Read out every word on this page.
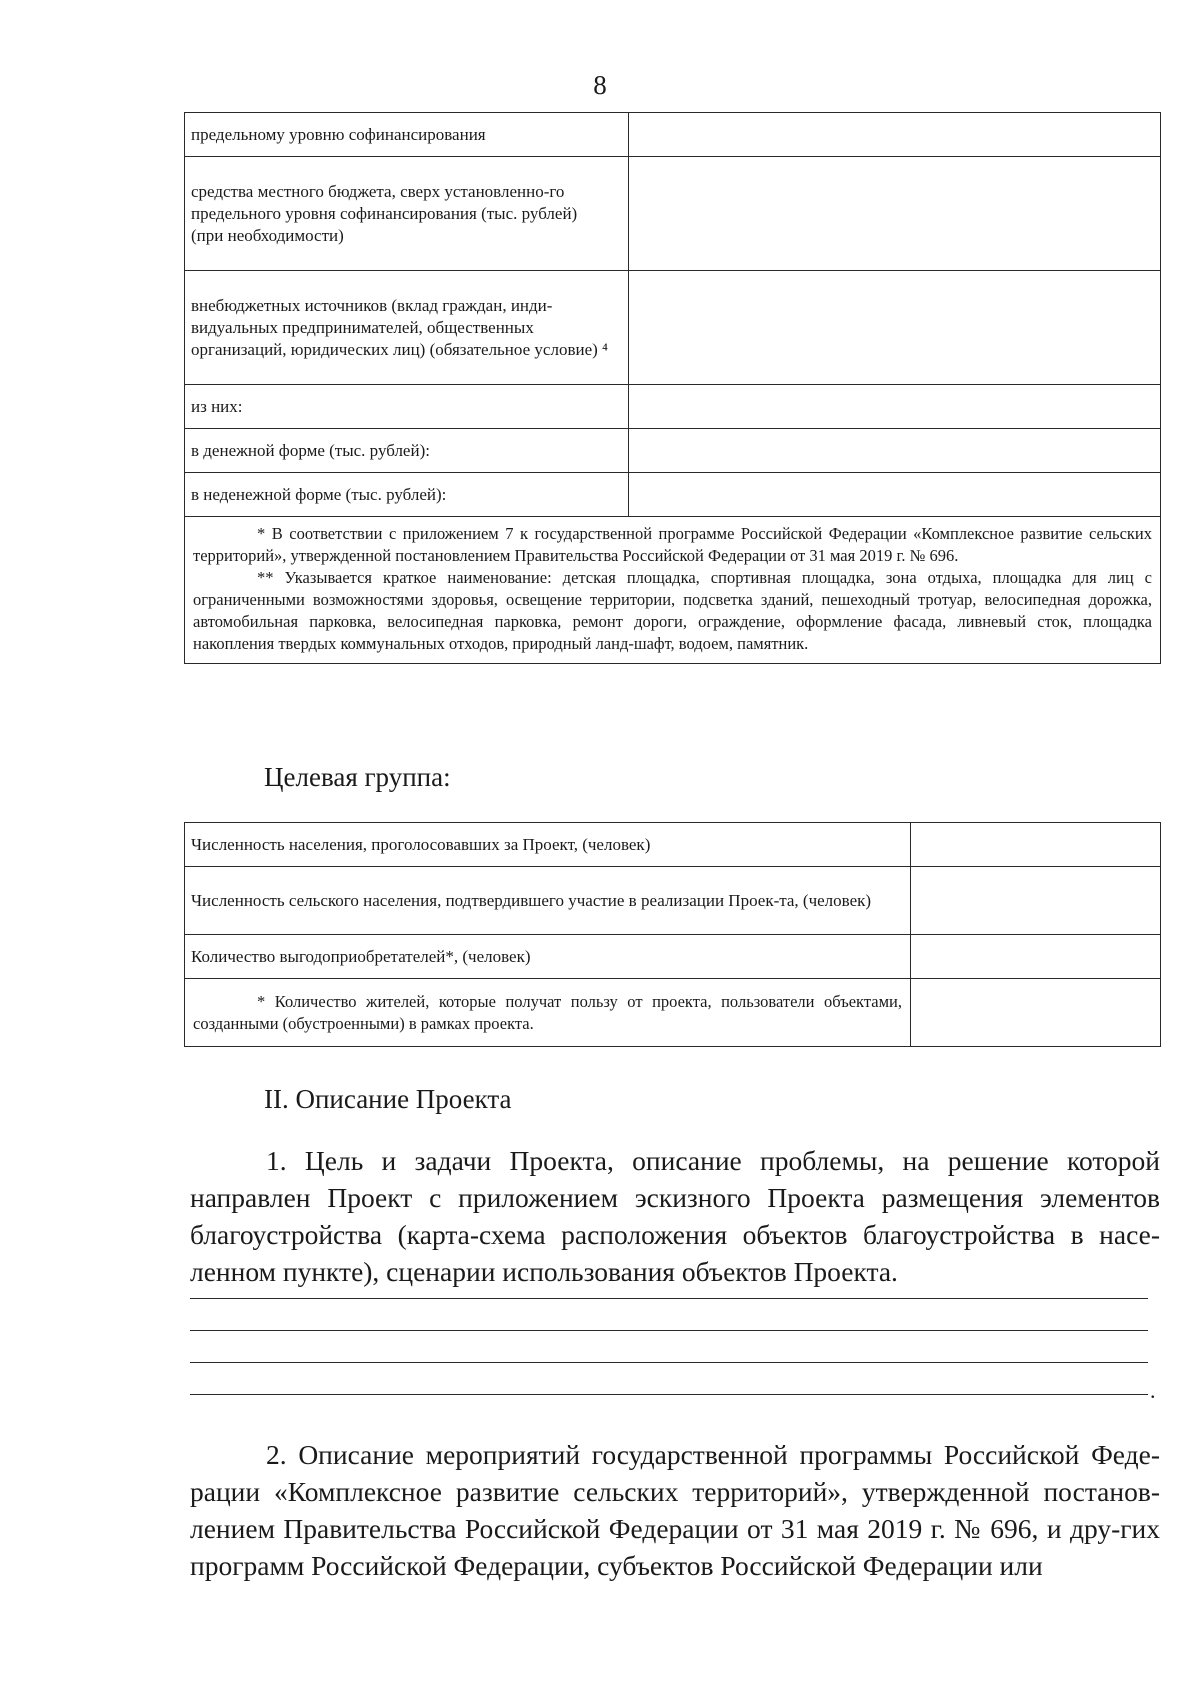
8
предельному уровню софинансирования	
средства местного бюджета, сверх установленно-го предельного уровня софинансирования (тыс. рублей)
(при необходимости)	
внебюджетных источников (вклад граждан, инди-видуальных предпринимателей, общественных организаций, юридических лиц) (обязательное условие) ⁴	
из них:	
в денежной форме (тыс. рублей):	
в неденежной форме (тыс. рублей):	

* В соответствии с приложением 7 к государственной программе Российской Федерации «Комплексное развитие сельских территорий», утвержденной постановлением Правительства Российской Федерации от 31 мая 2019 г. № 696.

** Указывается краткое наименование: детская площадка, спортивная площадка, зона отдыха, площадка для лиц с ограниченными возможностями здоровья, освещение территории, подсветка зданий, пешеходный тротуар, велосипедная дорожка, автомобильная парковка, велосипедная парковка, ремонт дороги, ограждение, оформление фасада, ливневый сток, площадка накопления твердых коммунальных отходов, природный ланд-шафт, водоем, памятник.	

Целевая группа:
Численность населения, проголосовавших за Проект, (человек)	
Численность сельского населения, подтвердившего участие в реализации Проек-та, (человек)	
Количество выгодоприобретателей*, (человек)	

* Количество жителей, которые получат пользу от проекта, пользователи объектами, созданными (обустроенными) в рамках проекта.	

II. Описание Проекта

1. Цель и задачи Проекта, описание проблемы, на решение которой направлен Проект с приложением эскизного Проекта размещения элементов благоустройства (карта-схема расположения объектов благоустройства в насе-ленном пункте), сценарии использования объектов Проекта.

.

2. Описание мероприятий государственной программы Российской Феде-рации «Комплексное развитие сельских территорий», утвержденной постанов-лением Правительства Российской Федерации от 31 мая 2019 г. № 696, и дру-гих программ Российской Федерации, субъектов Российской Федерации или
